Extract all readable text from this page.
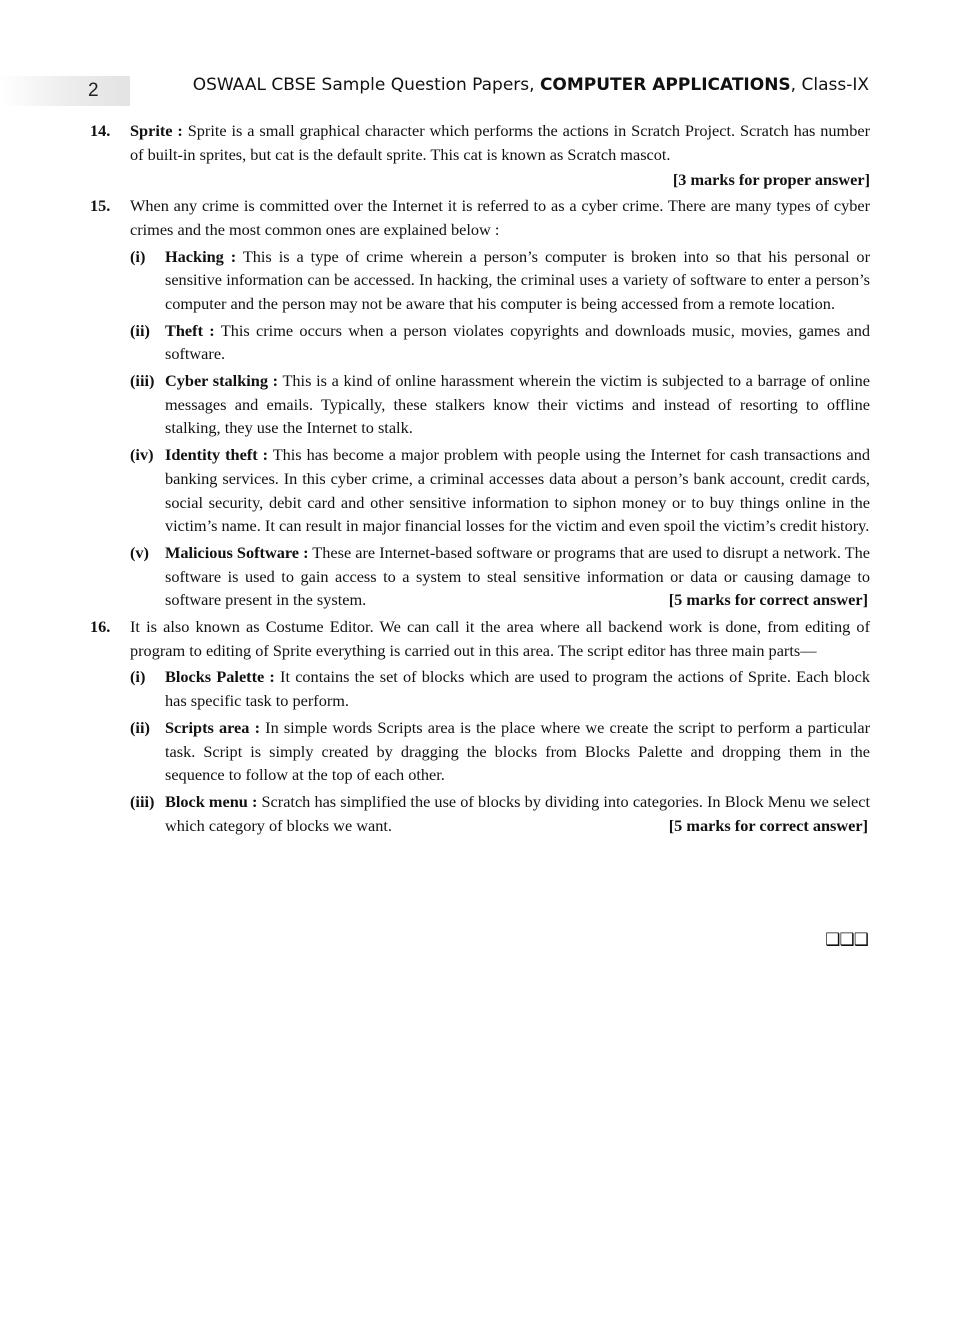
2	OSWAAL CBSE Sample Question Papers, COMPUTER APPLICATIONS, Class-IX
14. Sprite : Sprite is a small graphical character which performs the actions in Scratch Project. Scratch has number of built-in sprites, but cat is the default sprite. This cat is known as Scratch mascot.
[3 marks for proper answer]
15. When any crime is committed over the Internet it is referred to as a cyber crime. There are many types of cyber crimes and the most common ones are explained below :
(i) Hacking : This is a type of crime wherein a person’s computer is broken into so that his personal or sensitive information can be accessed. In hacking, the criminal uses a variety of software to enter a person’s computer and the person may not be aware that his computer is being accessed from a remote location.
(ii) Theft : This crime occurs when a person violates copyrights and downloads music, movies, games and software.
(iii) Cyber stalking : This is a kind of online harassment wherein the victim is subjected to a barrage of online messages and emails. Typically, these stalkers know their victims and instead of resorting to offline stalking, they use the Internet to stalk.
(iv) Identity theft : This has become a major problem with people using the Internet for cash transactions and banking services. In this cyber crime, a criminal accesses data about a person’s bank account, credit cards, social security, debit card and other sensitive information to siphon money or to buy things online in the victim’s name. It can result in major financial losses for the victim and even spoil the victim’s credit history.
(v) Malicious Software : These are Internet-based software or programs that are used to disrupt a network. The software is used to gain access to a system to steal sensitive information or data or causing damage to software present in the system.	[5 marks for correct answer]
16. It is also known as Costume Editor. We can call it the area where all backend work is done, from editing of program to editing of Sprite everything is carried out in this area. The script editor has three main parts—
(i) Blocks Palette : It contains the set of blocks which are used to program the actions of Sprite. Each block has specific task to perform.
(ii) Scripts area : In simple words Scripts area is the place where we create the script to perform a particular task. Script is simply created by dragging the blocks from Blocks Palette and dropping them in the sequence to follow at the top of each other.
(iii) Block menu : Scratch has simplified the use of blocks by dividing into categories. In Block Menu we select which category of blocks we want.	[5 marks for correct answer]
❑❑❑
